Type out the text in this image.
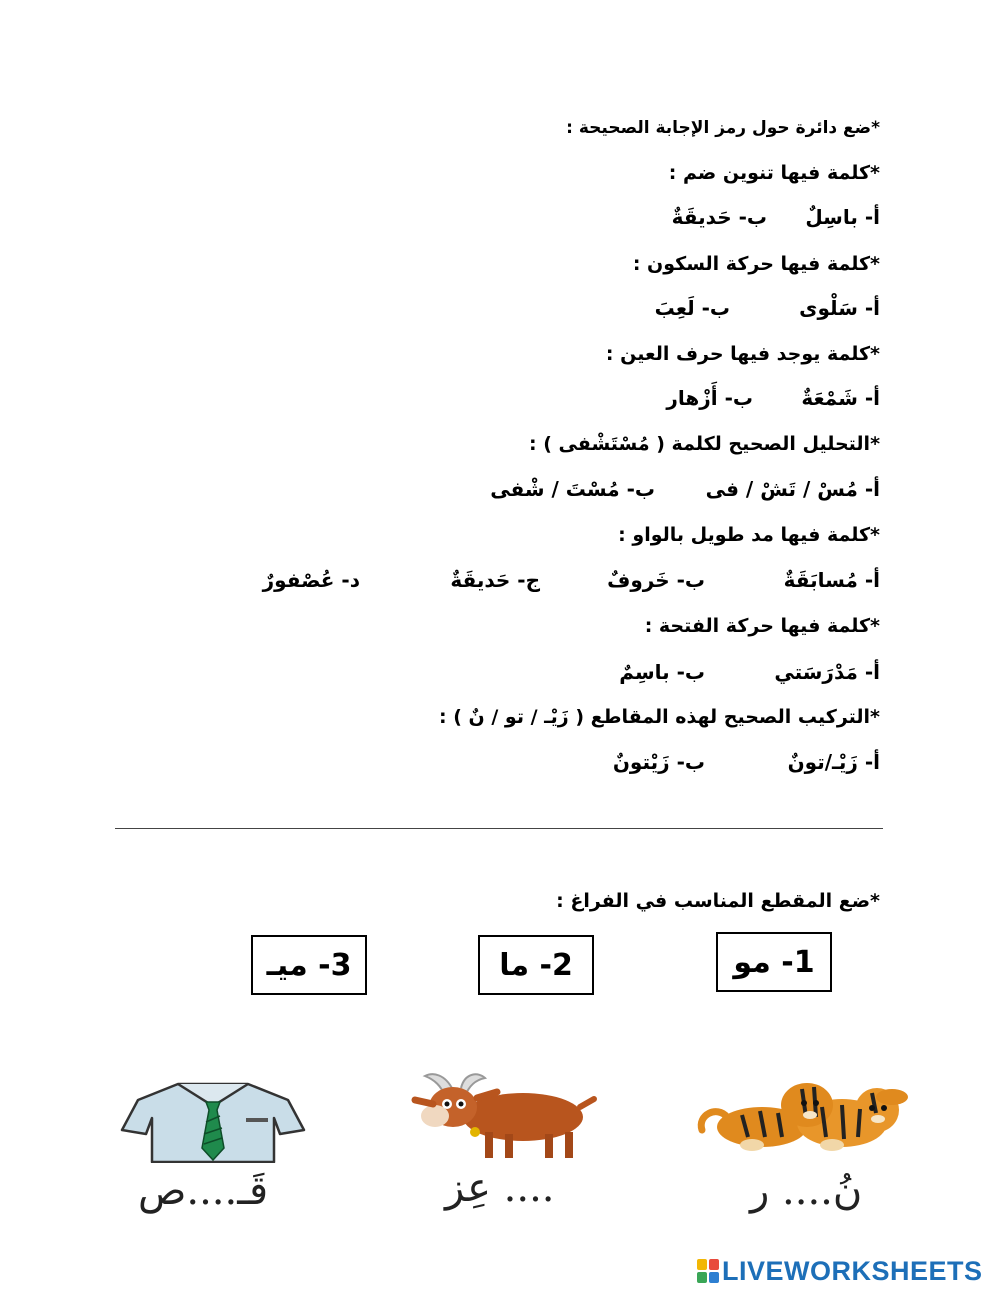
*ضع دائرة حول رمز الإجابة الصحيحة :
*كلمة فيها تنوين ضم :
أ- باسِلٌ
ب- حَديقَةٌ
*كلمة فيها حركة السكون :
أ- سَلْوى
ب- لَعِبَ
*كلمة يوجد فيها حرف العين :
أ- شَمْعَةٌ
ب- أَزْهار
*التحليل الصحيح لكلمة ( مُسْتَشْفى ) :
أ- مُسْ / تَشْ / فى
ب- مُسْتَ / شْفى
*كلمة فيها مد طويل بالواو :
أ- مُسابَقَةٌ
ب- خَروفٌ
ج- حَديقَةٌ
د- عُصْفورٌ
*كلمة فيها حركة الفتحة :
أ- مَدْرَسَتي
ب- باسِمٌ
*التركيب الصحيح لهذه المقاطع ( زَيْـ / تو / نٌ ) :
أ- زَيْـ/تونٌ
ب- زَيْتونٌ
*ضع المقطع المناسب في الفراغ :
1- مو
2- ما
3- ميـ
نُ.... ر
.... عِز
قَـ....ص
LIVEWORKSHEETS
